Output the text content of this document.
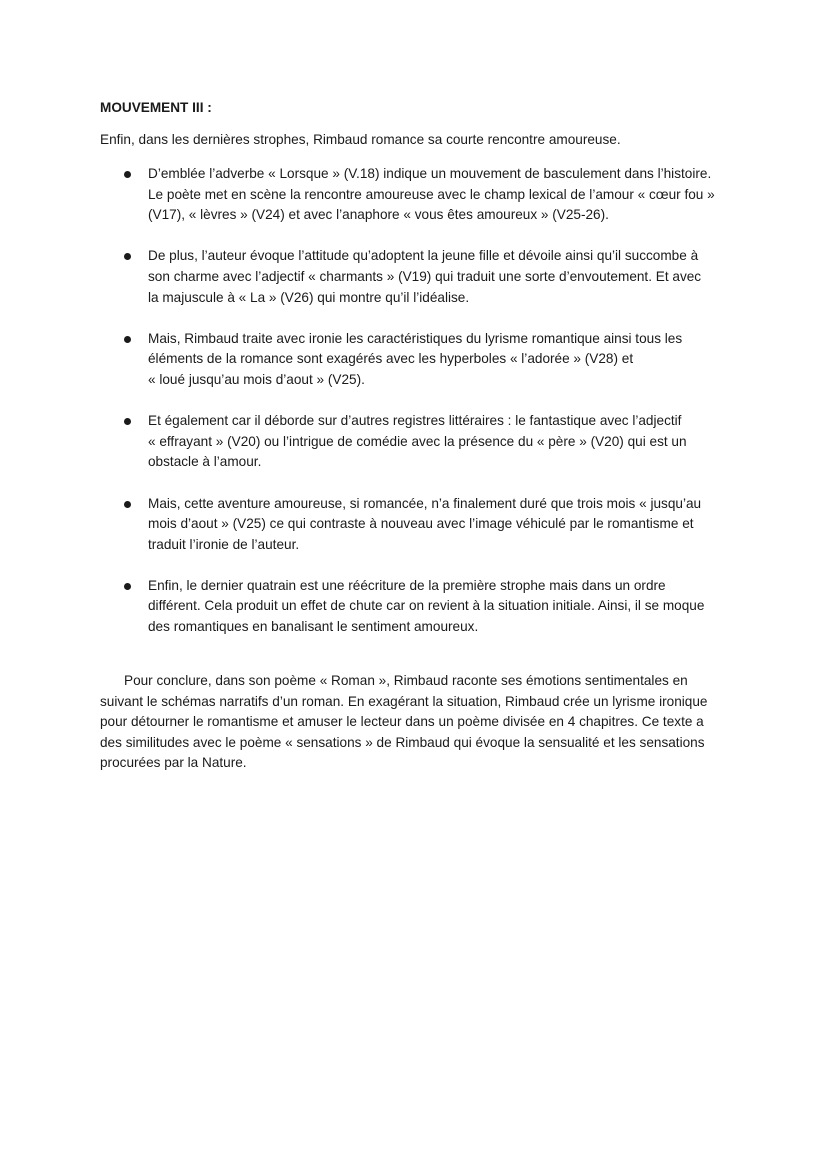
MOUVEMENT III :
Enfin, dans les dernières strophes, Rimbaud romance sa courte rencontre amoureuse.
D’emblée l’adverbe « Lorsque » (V.18) indique un mouvement de basculement dans l’histoire.
Le poète met en scène la rencontre amoureuse avec le champ lexical de l’amour « cœur fou »
(V17), « lèvres » (V24) et avec l’anaphore « vous êtes amoureux » (V25-26).
De plus, l’auteur évoque l’attitude qu’adoptent la jeune fille et dévoile ainsi qu’il succombe à
son charme avec l’adjectif « charmants » (V19) qui traduit une sorte d’envoutement. Et avec
la majuscule à « La » (V26) qui montre qu’il l’idéalise.
Mais, Rimbaud traite avec ironie les caractéristiques du lyrisme romantique ainsi tous les
éléments de la romance sont exagérés avec les hyperboles « l’adorée » (V28) et
« loué jusqu’au mois d’aout » (V25).
Et également car il déborde sur d’autres registres littéraires : le fantastique avec l’adjectif
« effrayant » (V20) ou l’intrigue de comédie avec la présence du « père » (V20) qui est un
obstacle à l’amour.
Mais, cette aventure amoureuse, si romancée, n’a finalement duré que trois mois « jusqu’au
mois d’aout » (V25) ce qui contraste à nouveau avec l’image véhiculé par le romantisme et
traduit l’ironie de l’auteur.
Enfin, le dernier quatrain est une réécriture de la première strophe mais dans un ordre
différent. Cela produit un effet de chute car on revient à la situation initiale. Ainsi, il se moque
des romantiques en banalisant le sentiment amoureux.
Pour conclure, dans son poème « Roman », Rimbaud raconte ses émotions sentimentales en
suivant le schémas narratifs d’un roman. En exagérant la situation, Rimbaud crée un lyrisme ironique
pour détourner le romantisme et amuser le lecteur dans un poème divisée en 4 chapitres. Ce texte a
des similitudes avec le poème « sensations » de Rimbaud qui évoque la sensualité et les sensations
procurées par la Nature.
